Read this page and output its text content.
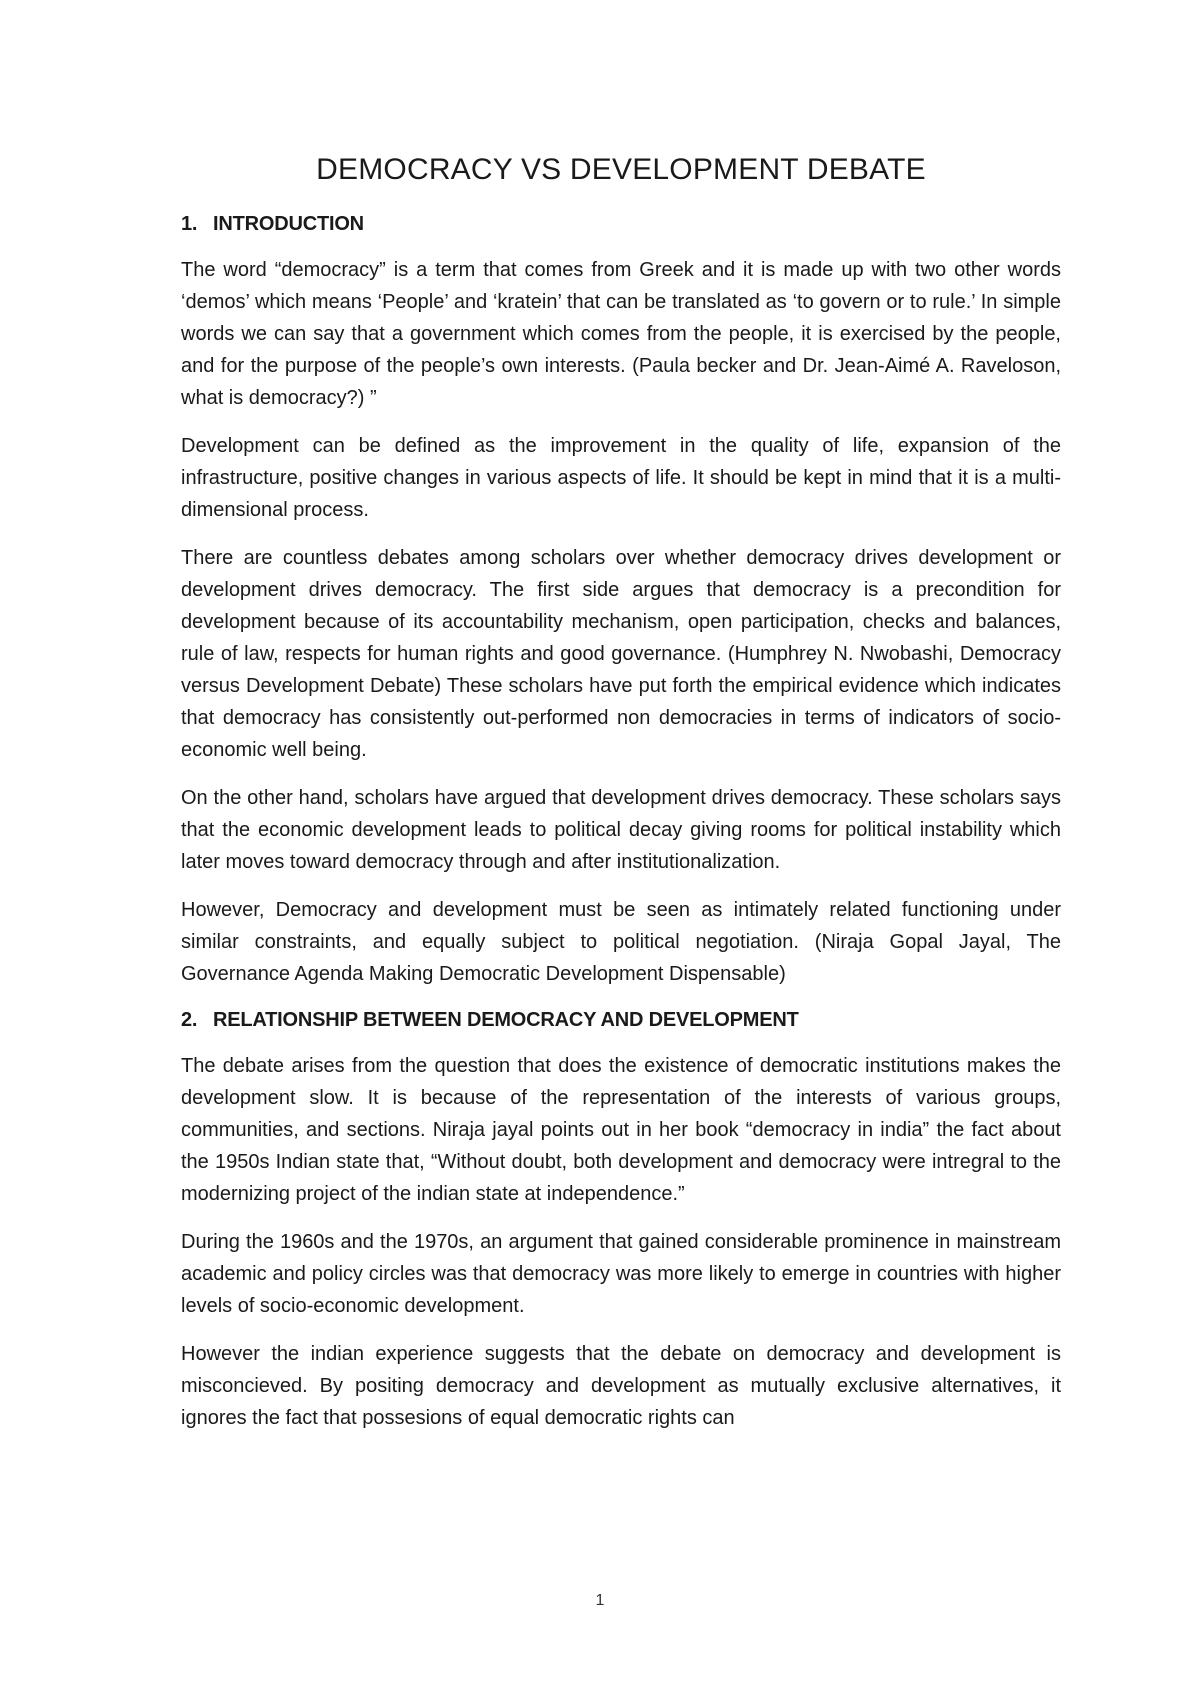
DEMOCRACY VS DEVELOPMENT DEBATE
1. INTRODUCTION

The word “democracy” is a term that comes from Greek and it is made up with two other words ‘demos’ which means ‘People’ and ‘kratein’ that can be translated as ‘to govern or to rule.’ In simple words we can say that a government which comes from the people, it is exercised by the people, and for the purpose of the people’s own interests. (Paula becker and Dr. Jean-Aimé A. Raveloson, what is democracy?) ”

Development can be defined as the improvement in the quality of life, expansion of the infrastructure, positive changes in various aspects of life. It should be kept in mind that it is a multi-dimensional process.

There are countless debates among scholars over whether democracy drives development or development drives democracy. The first side argues that democracy is a precondition for development because of its accountability mechanism, open participation, checks and balances, rule of law, respects for human rights and good governance. (Humphrey N. Nwobashi, Democracy versus Development Debate) These scholars have put forth the empirical evidence which indicates that democracy has consistently out-performed non democracies in terms of indicators of socio-economic well being.

On the other hand, scholars have argued that development drives democracy. These scholars says that the economic development leads to political decay giving rooms for political instability which later moves toward democracy through and after institutionalization.

However, Democracy and development must be seen as intimately related functioning under similar constraints, and equally subject to political negotiation. (Niraja Gopal Jayal, The Governance Agenda Making Democratic Development Dispensable)

2. RELATIONSHIP BETWEEN DEMOCRACY AND DEVELOPMENT

The debate arises from the question that does the existence of democratic institutions makes the development slow. It is because of the representation of the interests of various groups, communities, and sections. Niraja jayal points out in her book “democracy in india” the fact about the 1950s Indian state that, “Without doubt, both development and democracy were intregral to the modernizing project of the indian state at independence.”

During the 1960s and the 1970s, an argument that gained considerable prominence in mainstream academic and policy circles was that democracy was more likely to emerge in countries with higher levels of socio-economic development.

However the indian experience suggests that the debate on democracy and development is misconcieved. By positing democracy and development as mutually exclusive alternatives, it ignores the fact that possesions of equal democratic rights can

1
